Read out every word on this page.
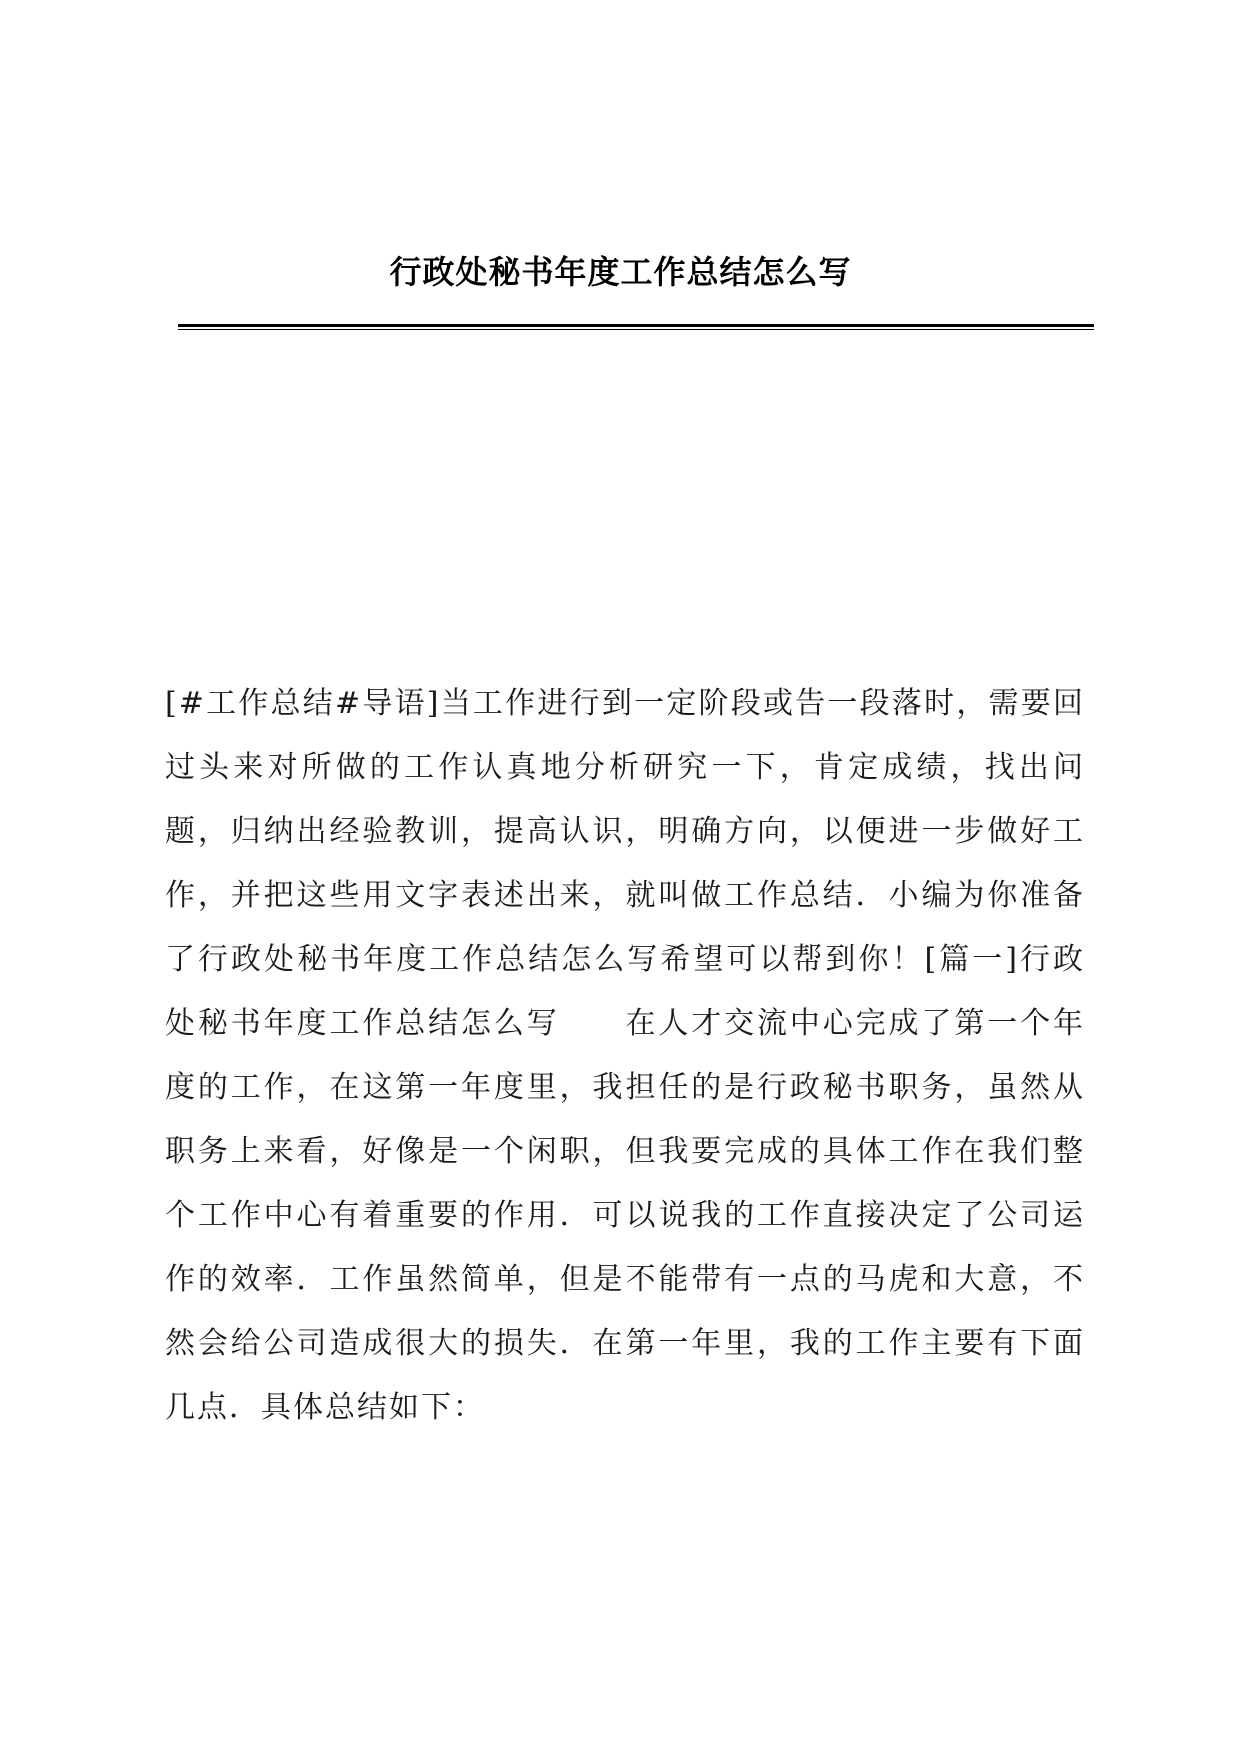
行政处秘书年度工作总结怎么写
[#工作总结#导语]当工作进行到一定阶段或告一段落时，需要回
过头来对所做的工作认真地分析研究一下，肯定成绩，找出问
题，归纳出经验教训，提高认识，明确方向，以便进一步做好工
作，并把这些用文字表述出来，就叫做工作总结．小编为你准备
了行政处秘书年度工作总结怎么写希望可以帮到你！[篇一]行政
处秘书年度工作总结怎么写　　在人才交流中心完成了第一个年
度的工作，在这第一年度里，我担任的是行政秘书职务，虽然从
职务上来看，好像是一个闲职，但我要完成的具体工作在我们整
个工作中心有着重要的作用．可以说我的工作直接决定了公司运
作的效率．工作虽然简单，但是不能带有一点的马虎和大意，不
然会给公司造成很大的损失．在第一年里，我的工作主要有下面
几点．具体总结如下：
